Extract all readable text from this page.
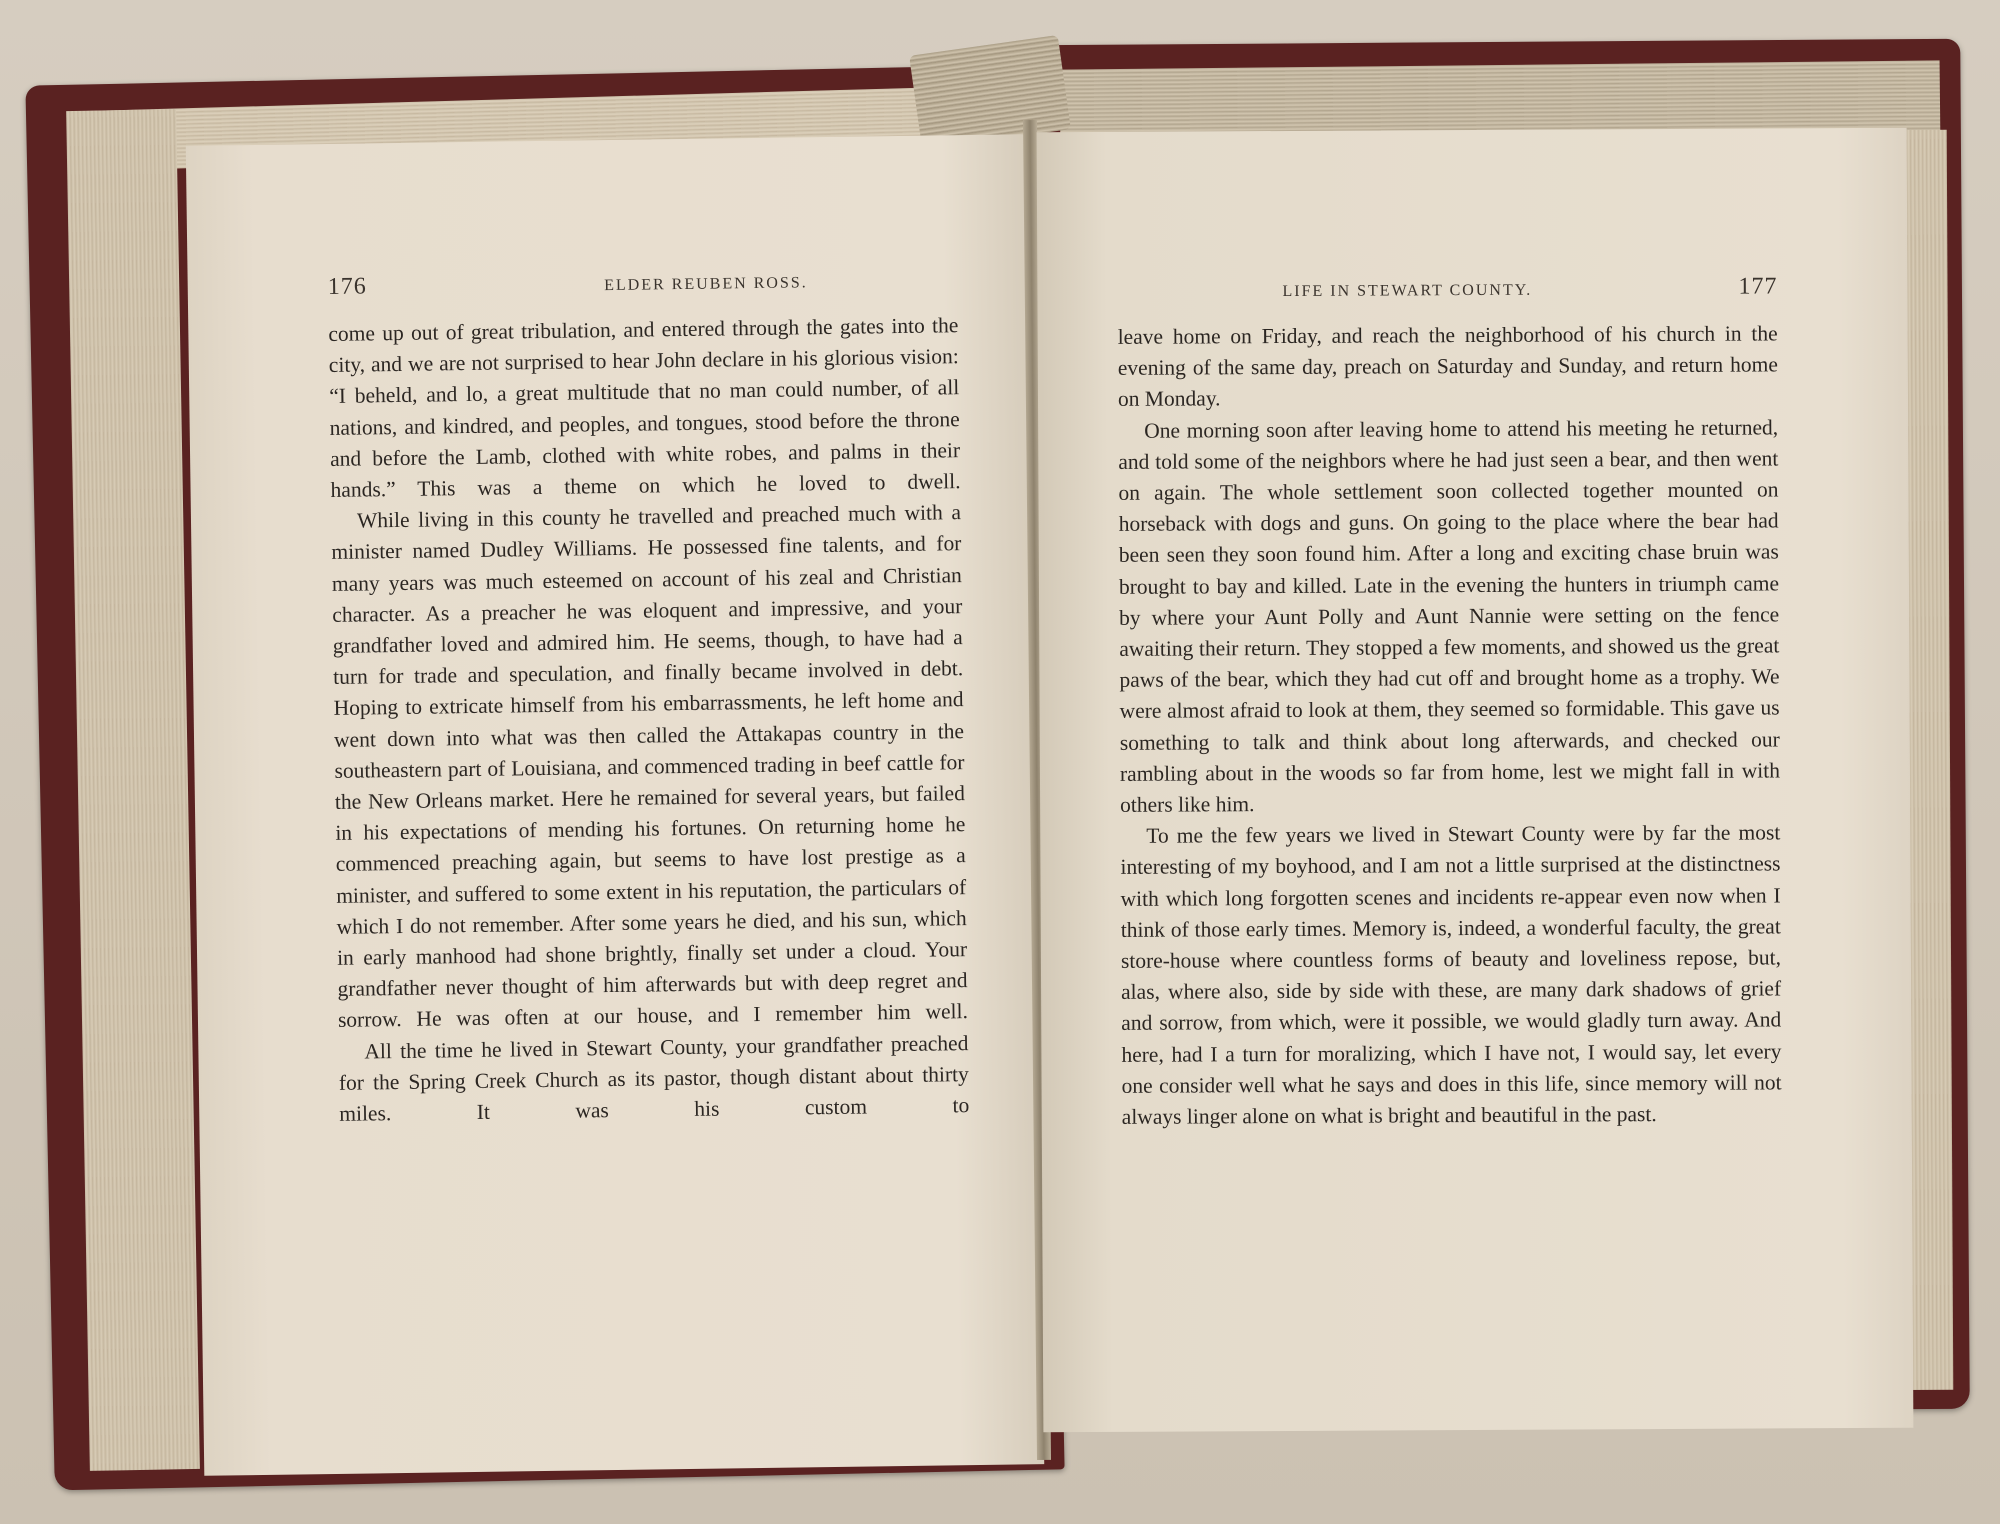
176	ELDER REUBEN ROSS.

come up out of great tribulation, and entered through the gates into the city, and we are not surprised to hear John declare in his glorious vision: “I beheld, and lo, a great multitude that no man could number, of all nations, and kindred, and peoples, and tongues, stood before the throne and before the Lamb, clothed with white robes, and palms in their hands.” This was a theme on which he loved to dwell.

While living in this county he travelled and preached much with a minister named Dudley Williams. He possessed fine talents, and for many years was much esteemed on account of his zeal and Christian character. As a preacher he was eloquent and impressive, and your grandfather loved and admired him. He seems, though, to have had a turn for trade and speculation, and finally became involved in debt. Hoping to extricate himself from his embarrassments, he left home and went down into what was then called the Attakapas country in the southeastern part of Louisiana, and commenced trading in beef cattle for the New Orleans market. Here he remained for several years, but failed in his expectations of mending his fortunes. On returning home he commenced preaching again, but seems to have lost prestige as a minister, and suffered to some extent in his reputation, the particulars of which I do not remember. After some years he died, and his sun, which in early manhood had shone brightly, finally set under a cloud. Your grandfather never thought of him afterwards but with deep regret and sorrow. He was often at our house, and I remember him well.

All the time he lived in Stewart County, your grandfather preached for the Spring Creek Church as its pastor, though distant about thirty miles. It was his custom to

LIFE IN STEWART COUNTY.	177

leave home on Friday, and reach the neighborhood of his church in the evening of the same day, preach on Saturday and Sunday, and return home on Monday.

One morning soon after leaving home to attend his meeting he returned, and told some of the neighbors where he had just seen a bear, and then went on again. The whole settlement soon collected together mounted on horseback with dogs and guns. On going to the place where the bear had been seen they soon found him. After a long and exciting chase bruin was brought to bay and killed. Late in the evening the hunters in triumph came by where your Aunt Polly and Aunt Nannie were setting on the fence awaiting their return. They stopped a few moments, and showed us the great paws of the bear, which they had cut off and brought home as a trophy. We were almost afraid to look at them, they seemed so formidable. This gave us something to talk and think about long afterwards, and checked our rambling about in the woods so far from home, lest we might fall in with others like him.

To me the few years we lived in Stewart County were by far the most interesting of my boyhood, and I am not a little surprised at the distinctness with which long forgotten scenes and incidents re-appear even now when I think of those early times. Memory is, indeed, a wonderful faculty, the great store-house where countless forms of beauty and loveliness repose, but, alas, where also, side by side with these, are many dark shadows of grief and sorrow, from which, were it possible, we would gladly turn away. And here, had I a turn for moralizing, which I have not, I would say, let every one consider well what he says and does in this life, since memory will not always linger alone on what is bright and beautiful in the past.
